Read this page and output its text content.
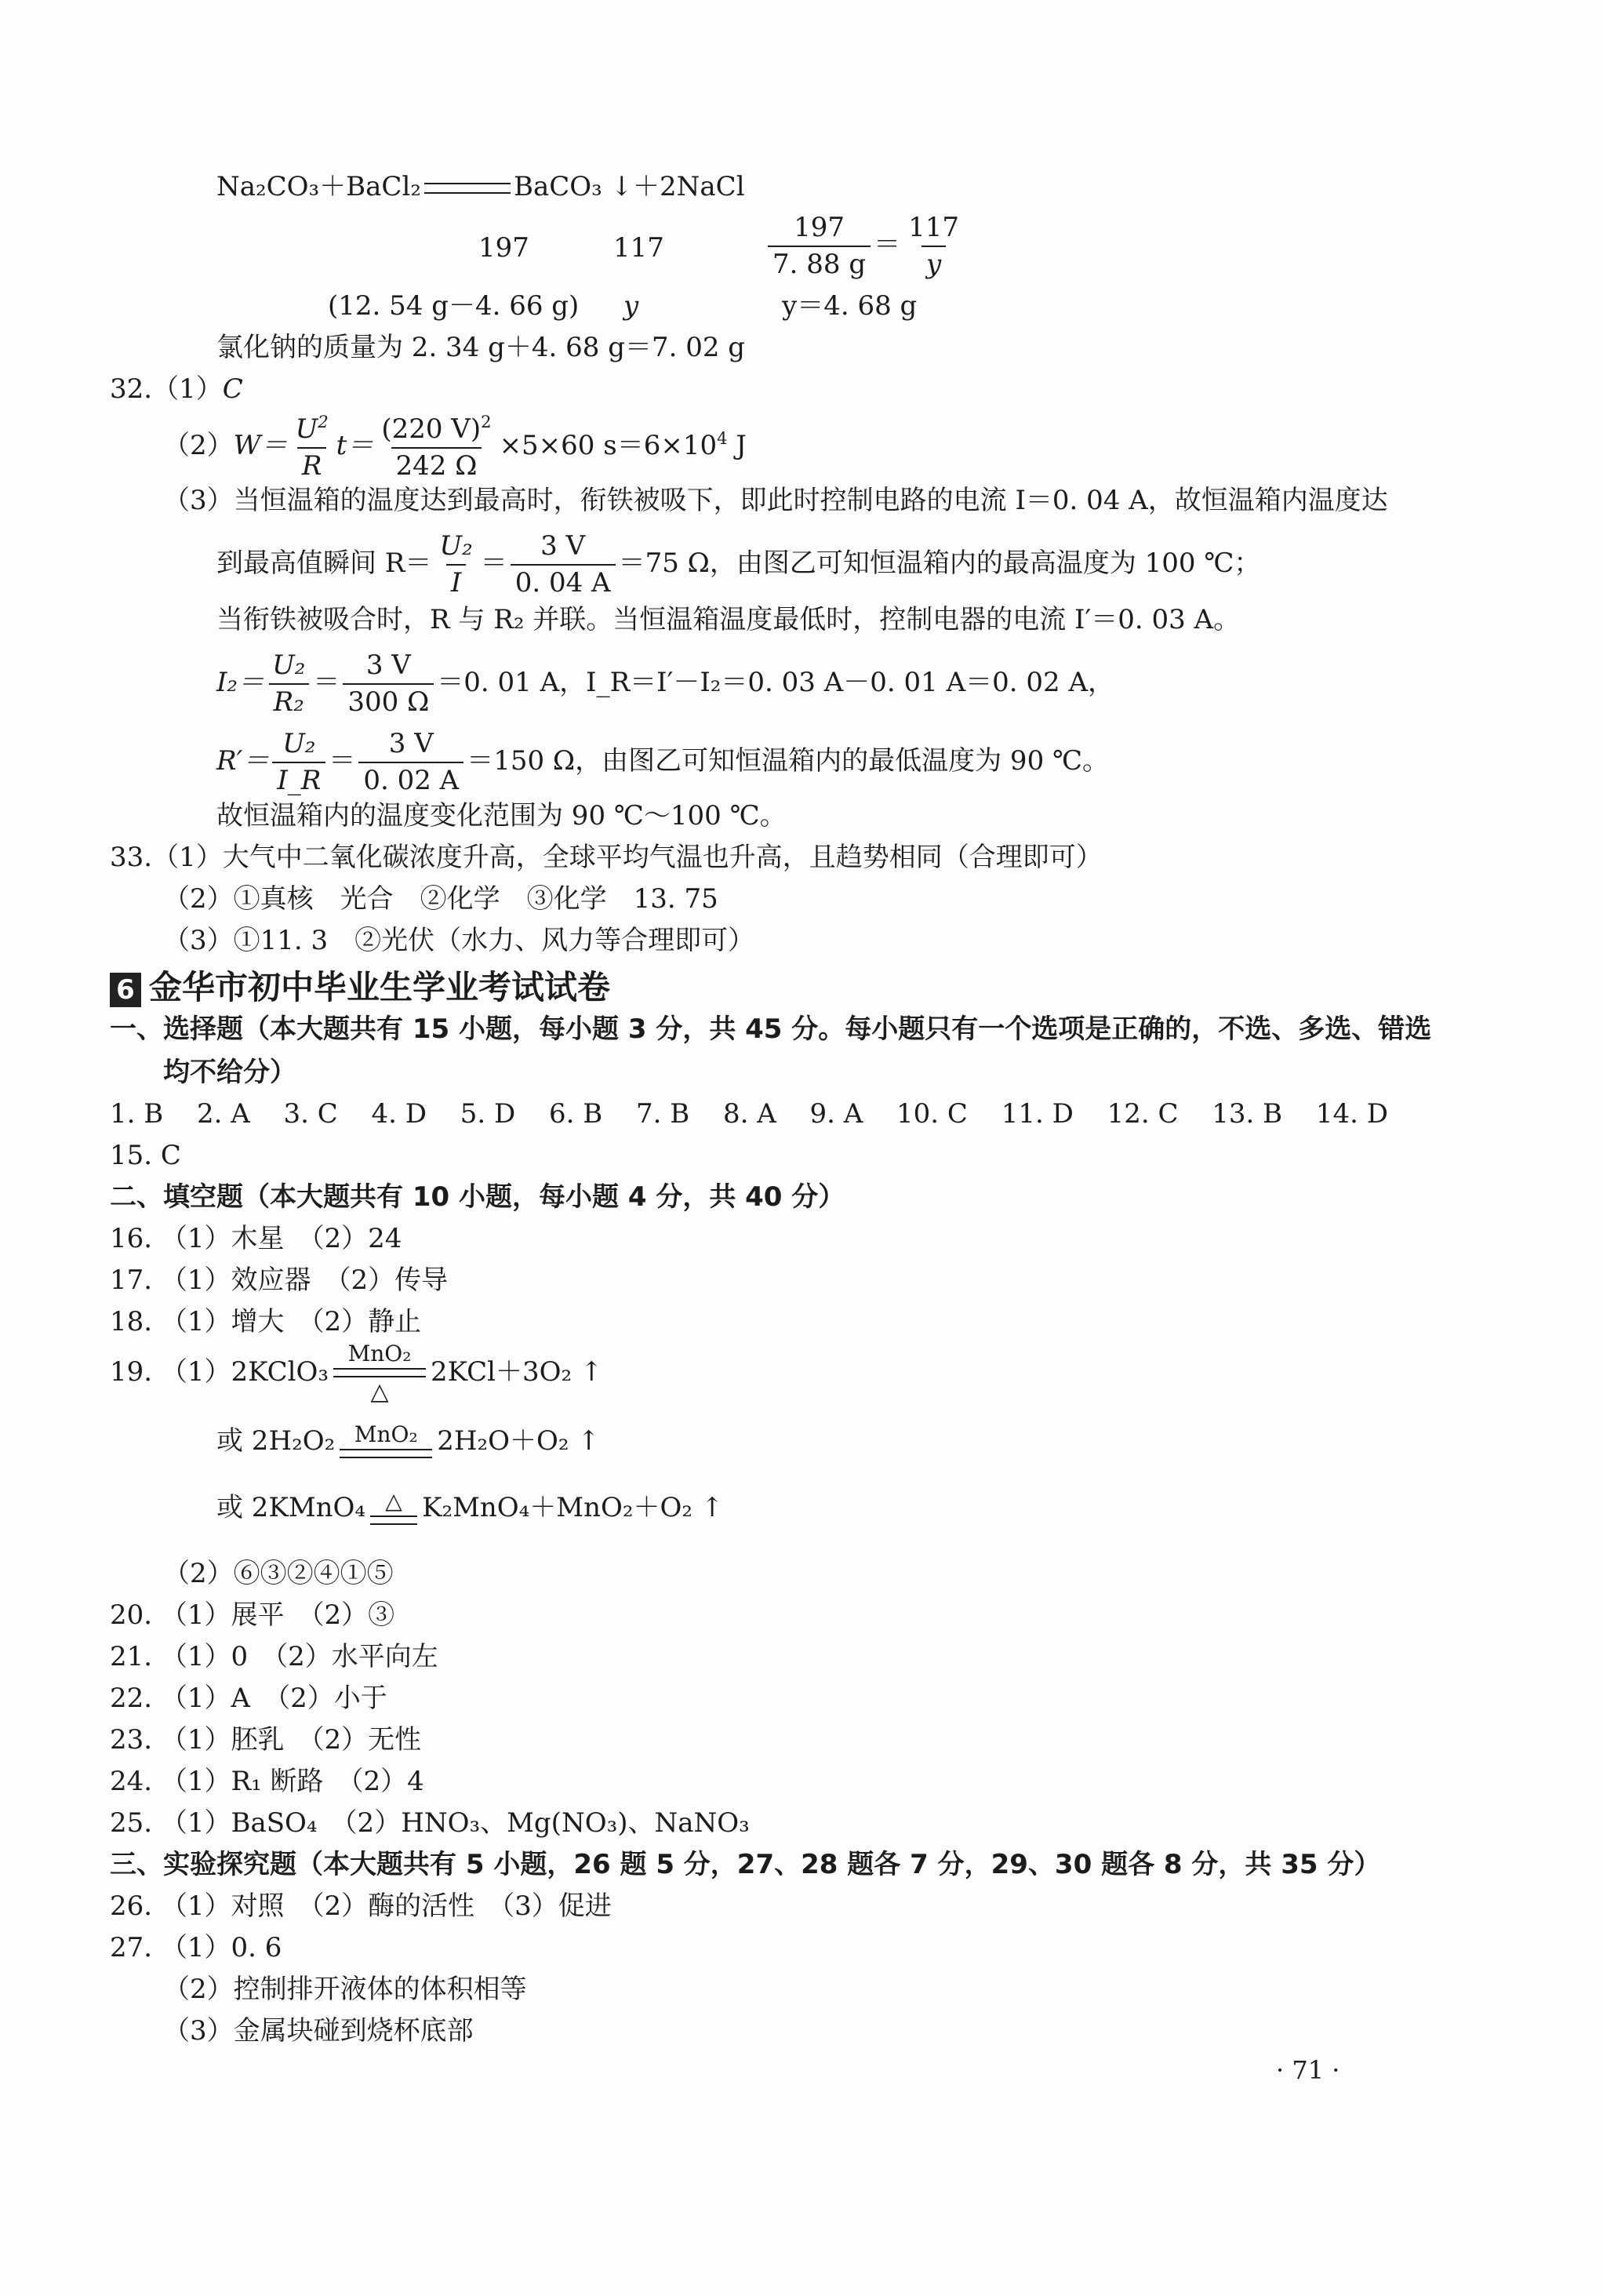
Na₂CO₃＋BaCl₂	BaCO₃ ↓＋2NaCl
197	117	$\frac{197}{7. 88 g} = \frac{117}{y}$
(12. 54 g－4. 66 g) y	y＝4. 68 g
氯化钠的质量为 2. 34 g＋4. 68 g＝7. 02 g
32.（1）C
$(2)W= \frac{U^2}{R} t= \frac{(220 V)^2}{242 \Omega} \times 5\times 60$ $s=6\times 10^4$ J
（3）当恒温箱的温度达到最高时，衔铁被吸下，即此时控制电路的电流 I＝0. 04 A，故恒温箱内温度达
到最高值瞬间 $R= \frac{\text{U₂}}{I} = \frac{3 V}{0. 04 A} =75$ Ω，由图乙可知恒温箱内的最高温度为 100 ℃；
当衔铁被吸合时，R 与 R₂ 并联。当恒温箱温度最低时，控制电器的电流 I′＝0. 03 A。
$I_2= \frac{\text{U₂}}{\text{R₂}} = \frac{3 V}{300 \Omega} =0$. 01 A，I_R＝I′－I₂＝0. 03 A－0. 01 A＝0. 02 A，
$R'= \frac{\text{U₂}}{I\_R} = \frac{3 V}{0. 02 A} =150$ Ω，由图乙可知恒温箱内的最低温度为 90 ℃。
故恒温箱内的温度变化范围为 90 ℃～100 ℃。
33.（1）大气中二氧化碳浓度升高，全球平均气温也升高，且趋势相同（合理即可）
（2）①真核　光合　②化学　③化学　13. 75
（3）①11. 3　②光伏（水力、风力等合理即可）
6 金华市初中毕业生学业考试试卷
一、选择题（本大题共有 15 小题，每小题 3 分，共 45 分。每小题只有一个选项是正确的，不选、多选、错选
均不给分）
1. B 2. A 3. C 4. D 5. D 6. B 7. B 8. A 9. A 10. C 11. D 12. C 13. B 14. D
15. C
二、填空题（本大题共有 10 小题，每小题 4 分，共 40 分）
16. （1）木星　（2）24
17. （1）效应器　（2）传导
18. （1）增大　（2）静止
19. （1）2KClO₃
MnO₂
△
2KCl＋3O₂ ↑
或 2H₂O₂ MnO₂ 2H₂O＋O₂ ↑
或 2KMnO₄ △ K₂MnO₄＋MnO₂＋O₂ ↑
（2）⑥③②④①⑤
20. （1）展平　（2）③
21. （1）0　（2）水平向左
22. （1）A　（2）小于
23. （1）胚乳　（2）无性
24. （1）R₁ 断路　（2）4
25. （1）BaSO₄　（2）HNO₃、Mg(NO₃)、NaNO₃
三、实验探究题（本大题共有 5 小题，26 题 5 分，27、28 题各 7 分，29、30 题各 8 分，共 35 分）
26. （1）对照　（2）酶的活性　（3）促进
27. （1）0. 6
（2）控制排开液体的体积相等
（3）金属块碰到烧杯底部
· 71 ·
